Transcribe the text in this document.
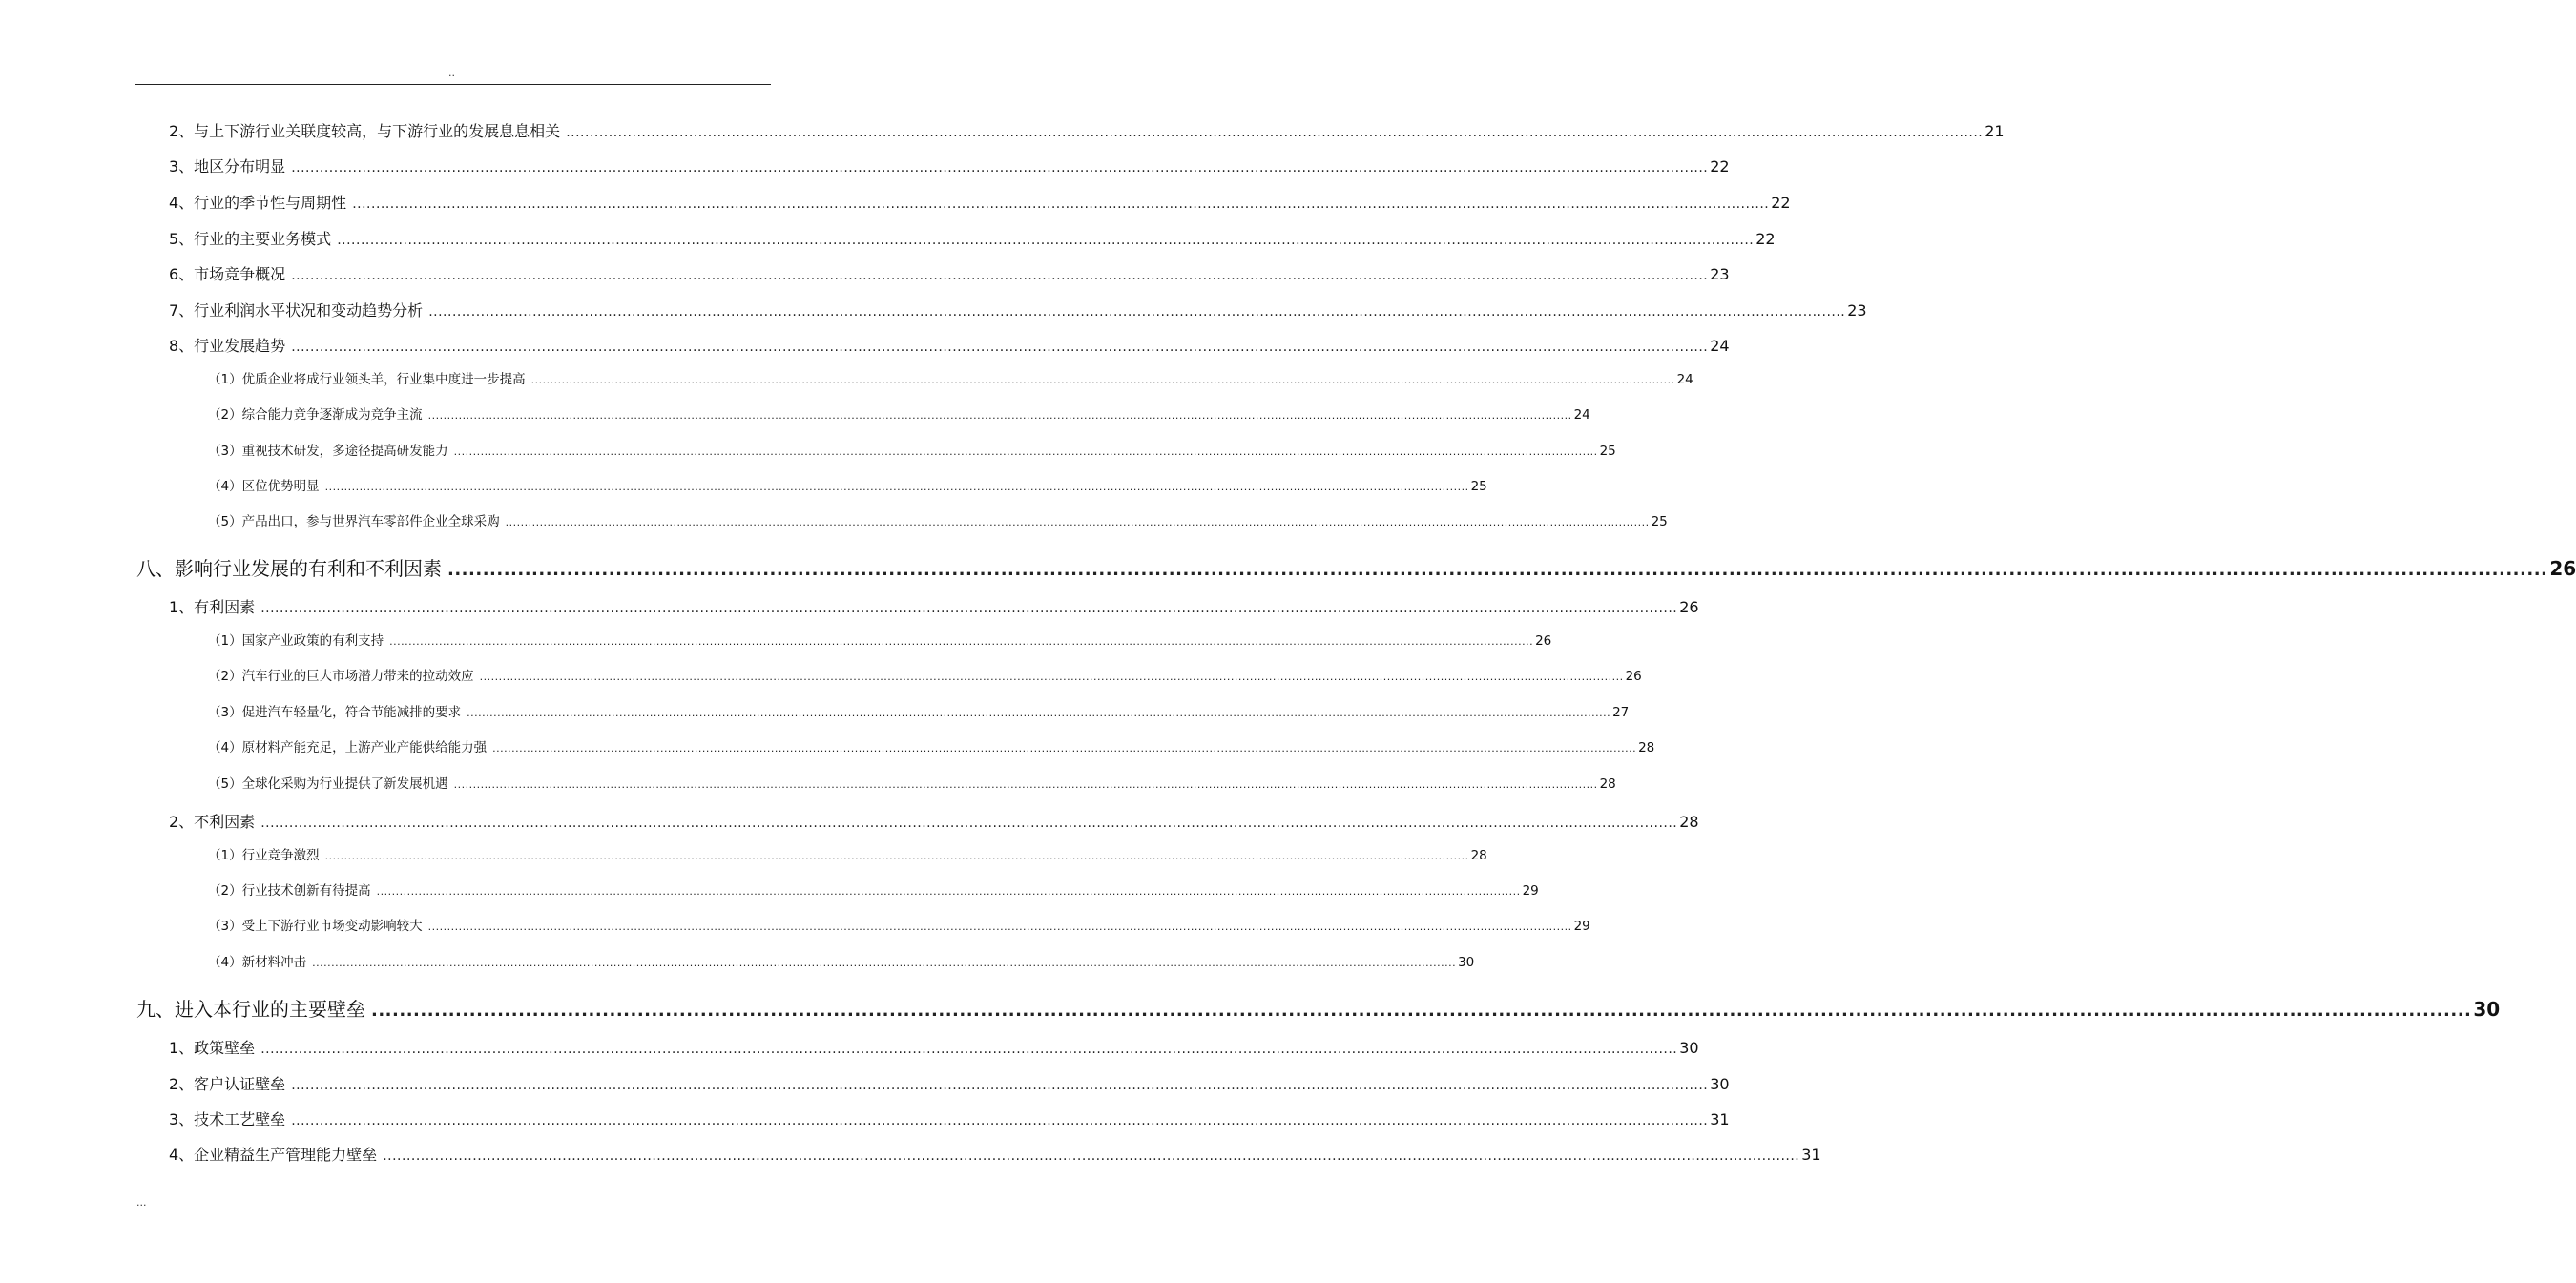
..
2、与上下游行业关联度较高，与下游行业的发展息息相关 ............................................................................................................................................................................................................................................................................................................ 21
3、地区分布明显 ............................................................................................................................................................................................................................................................................................................ 22
4、行业的季节性与周期性 ............................................................................................................................................................................................................................................................................................................ 22
5、行业的主要业务模式 ............................................................................................................................................................................................................................................................................................................ 22
6、市场竞争概况 ............................................................................................................................................................................................................................................................................................................ 23
7、行业利润水平状况和变动趋势分析 ............................................................................................................................................................................................................................................................................................................ 23
8、行业发展趋势 ............................................................................................................................................................................................................................................................................................................ 24
（1）优质企业将成行业领头羊，行业集中度进一步提高 ............................................................................................................................................................................................................................................................................................................ 24
（2）综合能力竞争逐渐成为竞争主流 ............................................................................................................................................................................................................................................................................................................ 24
（3）重视技术研发，多途径提高研发能力 ............................................................................................................................................................................................................................................................................................................ 25
（4）区位优势明显 ............................................................................................................................................................................................................................................................................................................ 25
（5）产品出口，参与世界汽车零部件企业全球采购 ............................................................................................................................................................................................................................................................................................................ 25
八、影响行业发展的有利和不利因素 ............................................................................................................................................................................................................................................................................................................ 26
1、有利因素 ............................................................................................................................................................................................................................................................................................................ 26
（1）国家产业政策的有利支持 ............................................................................................................................................................................................................................................................................................................ 26
（2）汽车行业的巨大市场潜力带来的拉动效应 ............................................................................................................................................................................................................................................................................................................ 26
（3）促进汽车轻量化，符合节能减排的要求 ............................................................................................................................................................................................................................................................................................................ 27
（4）原材料产能充足，上游产业产能供给能力强 ............................................................................................................................................................................................................................................................................................................ 28
（5）全球化采购为行业提供了新发展机遇 ............................................................................................................................................................................................................................................................................................................ 28
2、不利因素 ............................................................................................................................................................................................................................................................................................................ 28
（1）行业竞争激烈 ............................................................................................................................................................................................................................................................................................................ 28
（2）行业技术创新有待提高 ............................................................................................................................................................................................................................................................................................................ 29
（3）受上下游行业市场变动影响较大 ............................................................................................................................................................................................................................................................................................................ 29
（4）新材料冲击 ............................................................................................................................................................................................................................................................................................................ 30
九、进入本行业的主要壁垒 ............................................................................................................................................................................................................................................................................................................ 30
1、政策壁垒 ............................................................................................................................................................................................................................................................................................................ 30
2、客户认证壁垒 ............................................................................................................................................................................................................................................................................................................ 30
3、技术工艺壁垒 ............................................................................................................................................................................................................................................................................................................ 31
4、企业精益生产管理能力壁垒 ............................................................................................................................................................................................................................................................................................................ 31
...
